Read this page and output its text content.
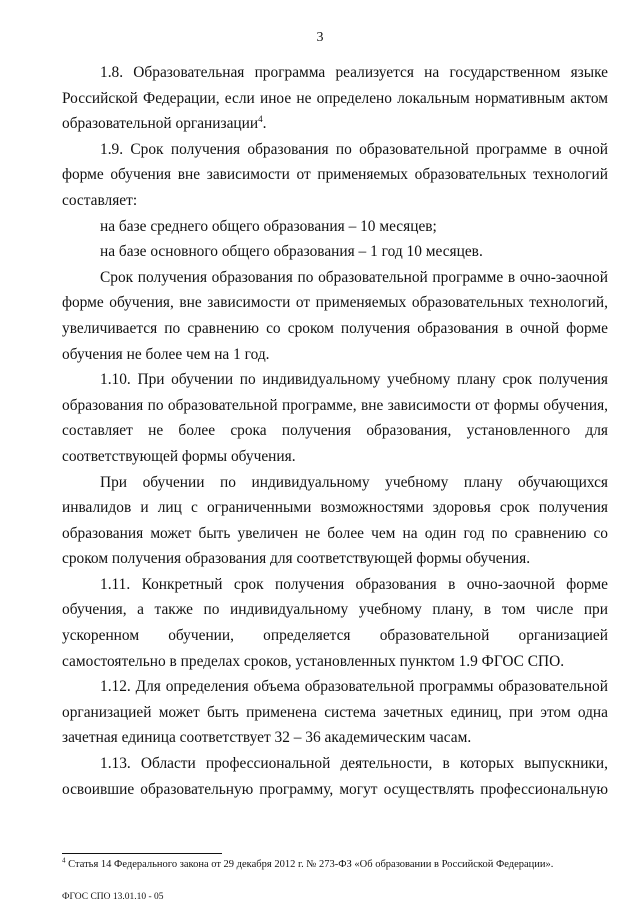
3

1.8. Образовательная программа реализуется на государственном языке Российской Федерации, если иное не определено локальным нормативным актом образовательной организации$^4$.

1.9. Срок получения образования по образовательной программе в очной форме обучения вне зависимости от применяемых образовательных технологий составляет:

на базе среднего общего образования – 10 месяцев;

на базе основного общего образования – 1 год 10 месяцев.

Срок получения образования по образовательной программе в очно-заочной форме обучения, вне зависимости от применяемых образовательных технологий, увеличивается по сравнению со сроком получения образования в очной форме обучения не более чем на 1 год.

1.10. При обучении по индивидуальному учебному плану срок получения образования по образовательной программе, вне зависимости от формы обучения, составляет не более срока получения образования, установленного для соответствующей формы обучения.

При обучении по индивидуальному учебному плану обучающихся инвалидов и лиц с ограниченными возможностями здоровья срок получения образования может быть увеличен не более чем на один год по сравнению со сроком получения образования для соответствующей формы обучения.

1.11. Конкретный срок получения образования в очно-заочной форме обучения, а также по индивидуальному учебному плану, в том числе при ускоренном обучении, определяется образовательной организацией самостоятельно в пределах сроков, установленных пунктом 1.9 ФГОС СПО.

1.12. Для определения объема образовательной программы образовательной организацией может быть применена система зачетных единиц, при этом одна зачетная единица соответствует 32 – 36 академическим часам.

1.13. Области профессиональной деятельности, в которых выпускники, освоившие образовательную программу, могут осуществлять профессиональную

$^4$ Статья 14 Федерального закона от 29 декабря 2012 г. № 273-ФЗ «Об образовании в Российской Федерации».
ФГОС СПО 13.01.10 - 05
